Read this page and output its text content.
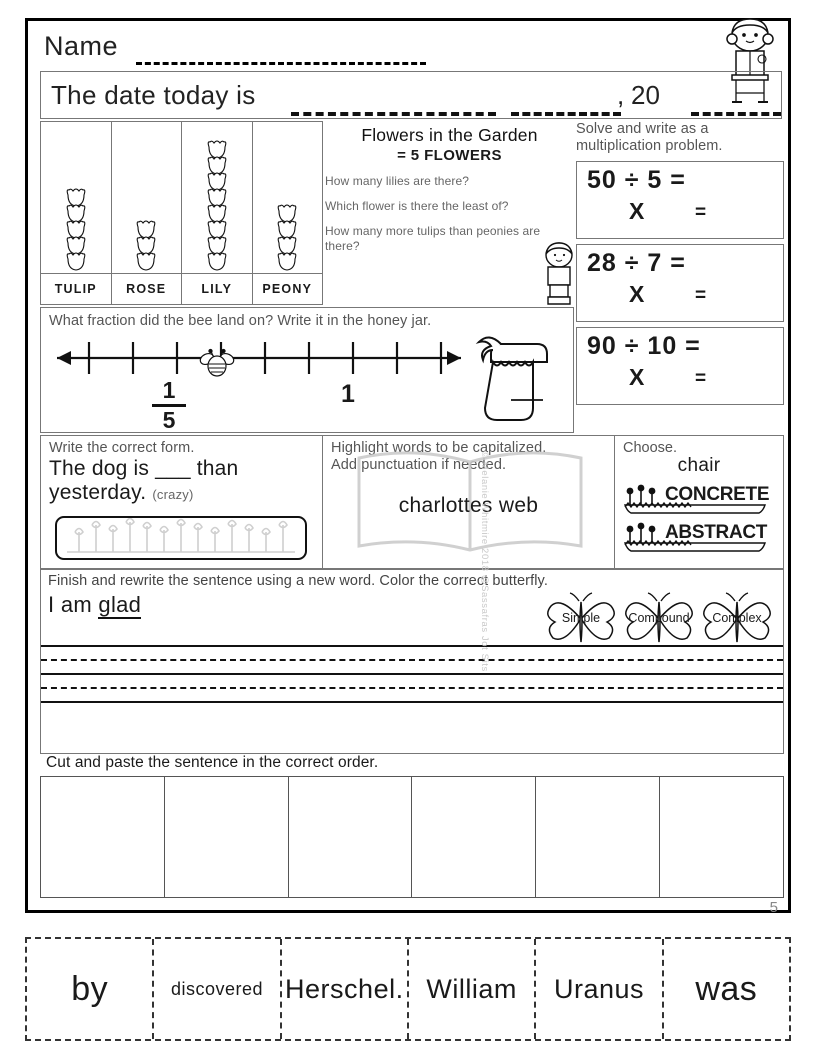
Name
The date today is	, 20
TULIP	ROSE	LILY	PEONY
Flowers in the Garden
= 5 FLOWERS
How many lilies are there?
Which flower is there the least of?
How many more tulips than peonies are there?
Solve and write as a multiplication problem.
50 ÷ 5 =
X	=
28 ÷ 7 =
X	=
90 ÷ 10 =
X	=
What fraction did the bee land on? Write it in the honey jar.
1
5
1
Write the correct form.
The dog is ___ than yesterday. (crazy)
Highlight words to be capitalized.
Add punctuation if needed.
charlottes web
Choose.
chair
CONCRETE
ABSTRACT
Finish and rewrite the sentence using a new word. Color the correct butterfly.
I am glad
Simple	Compound	Complex
Cut and paste the sentence in the correct order.
5
© Melanie Whitmire 2018 @Sassafras Jot Sits
by	discovered Herschel. William Uranus was
